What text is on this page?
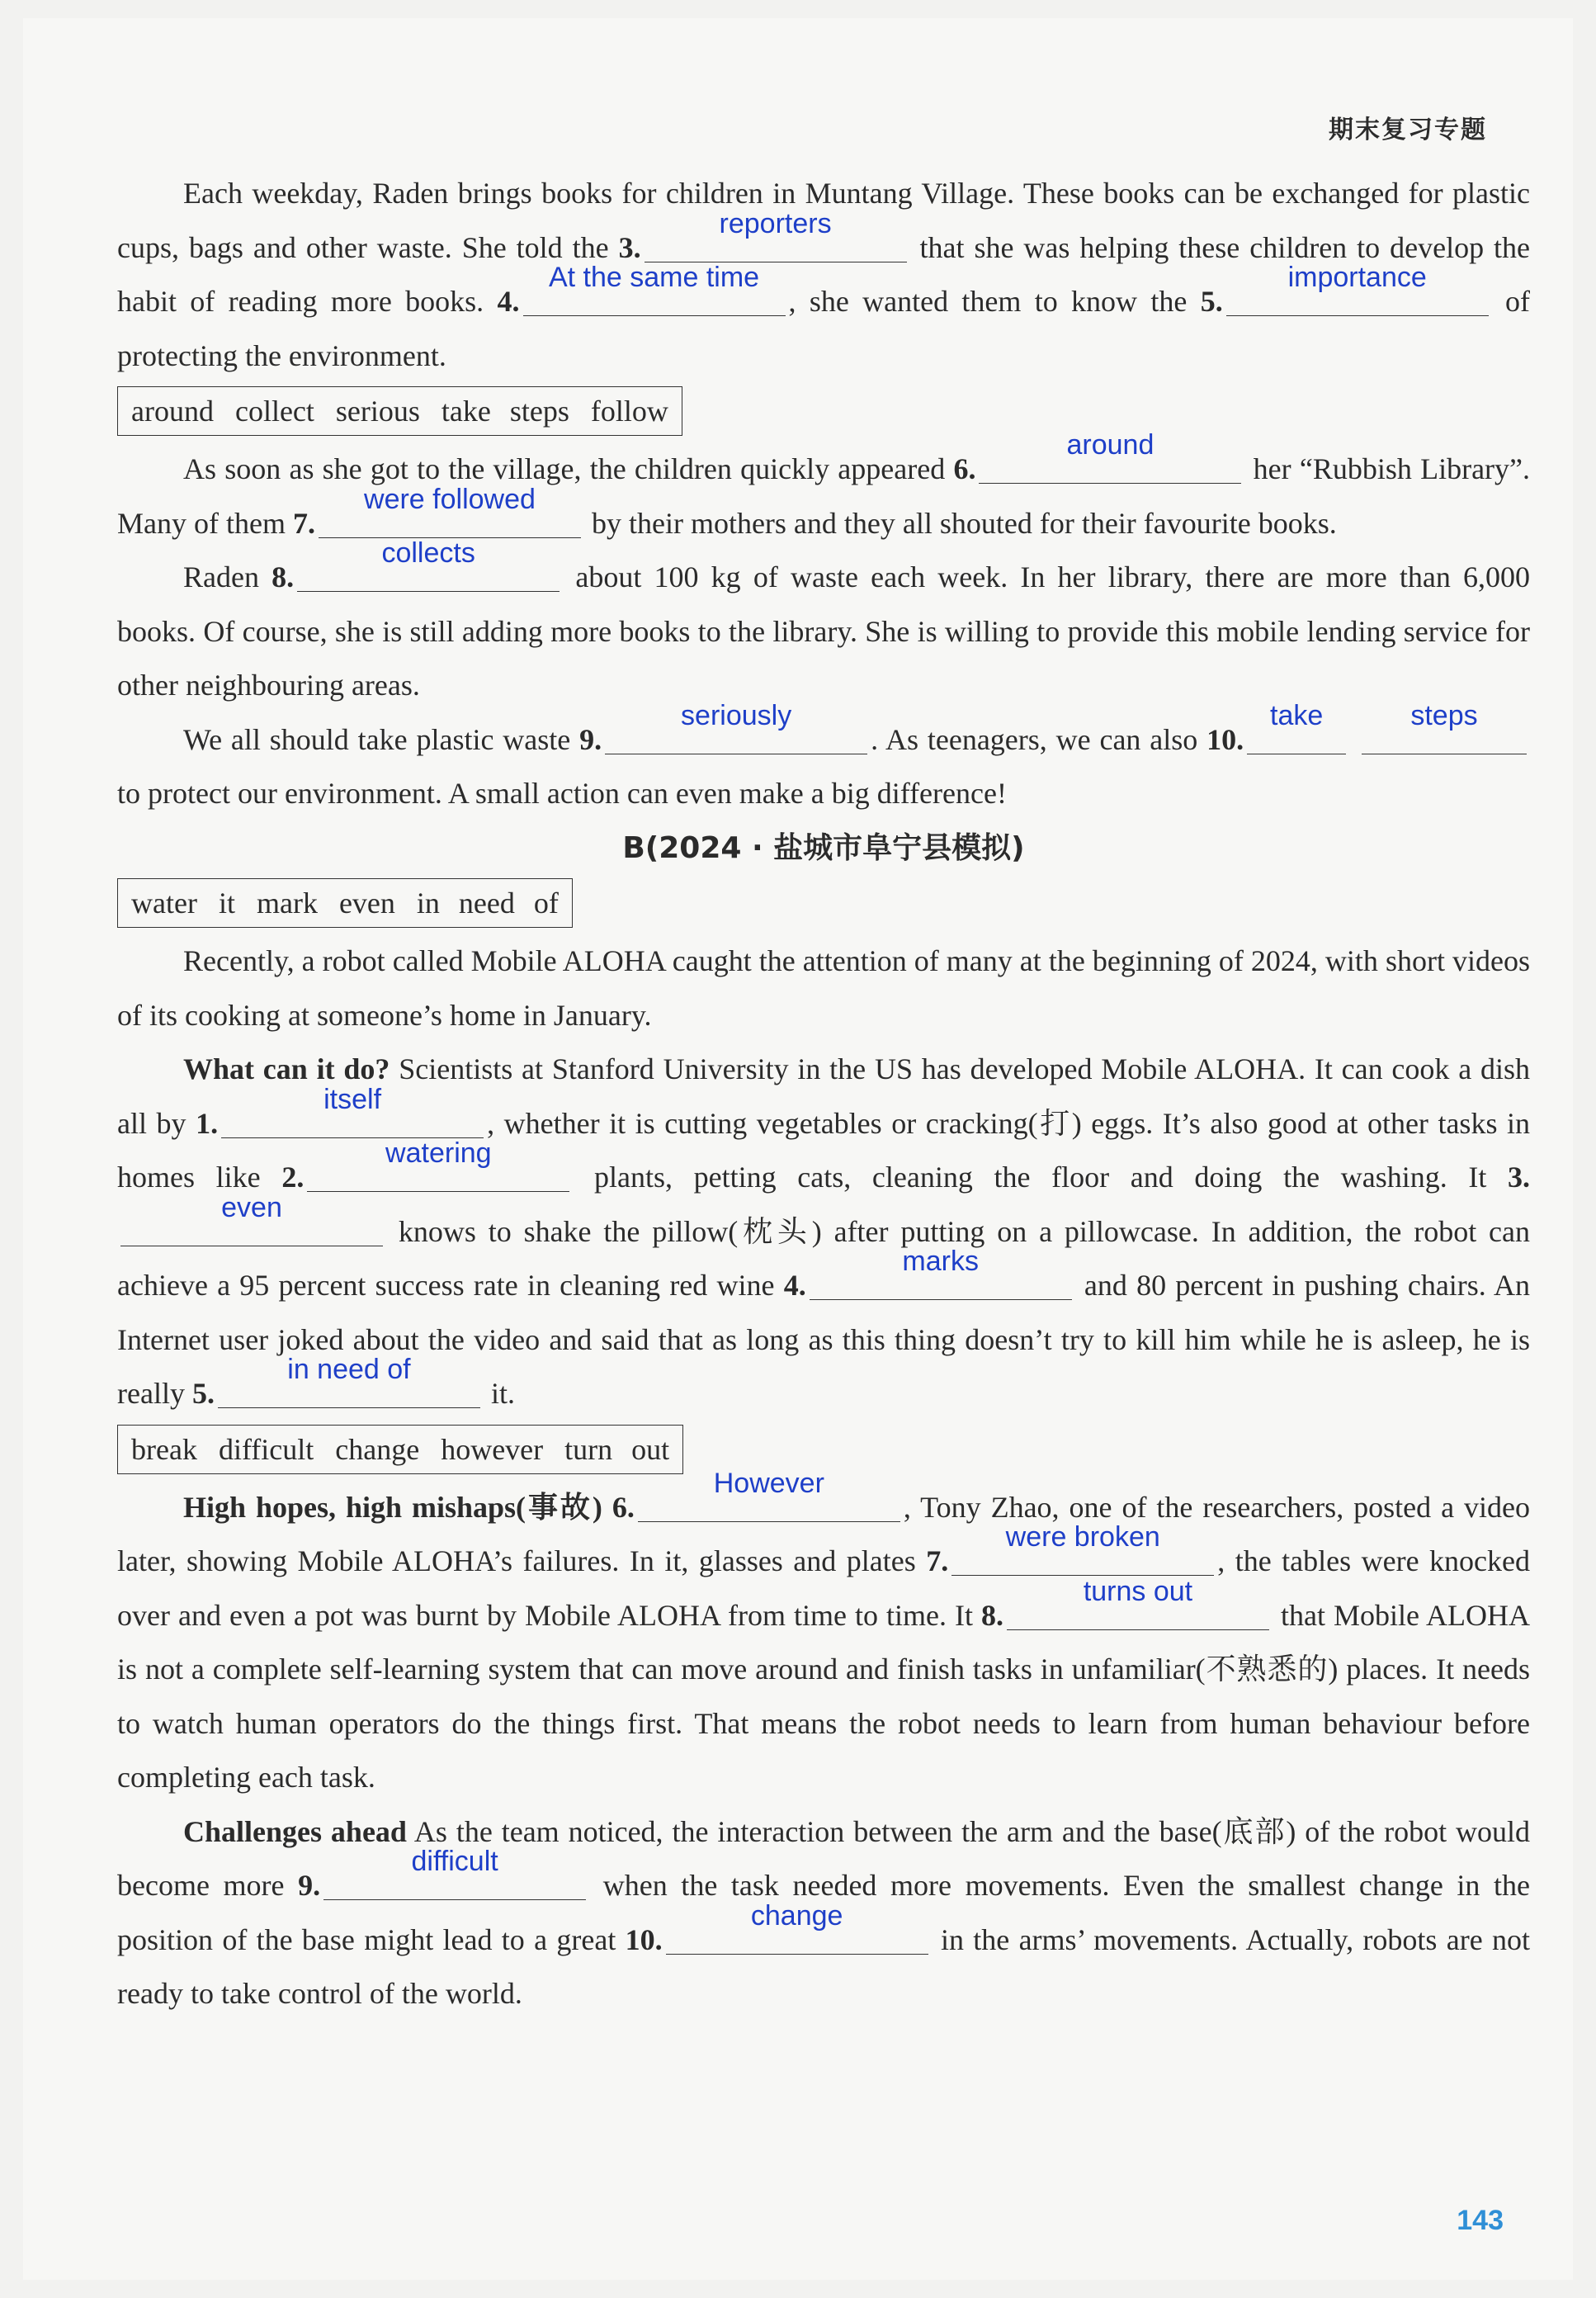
期末复习专题

Each weekday, Raden brings books for children in Muntang Village. These books can be exchanged for plastic cups, bags and other waste. She told the 3.
reporters
that she was helping these children to develop the habit of reading more books. 4.
At the same time
, she wanted them to know the 5.
importance
of protecting the environment.

around collect serious take steps follow

As soon as she got to the village, the children quickly appeared 6.
around
her “Rubbish Library”. Many of them 7.
were followed
by their mothers and they all shouted for their favourite books.

Raden 8.
collects
about 100 kg of waste each week. In her library, there are more than 6,000 books. Of course, she is still adding more books to the library. She is willing to provide this mobile lending service for other neighbouring areas.

We all should take plastic waste 9.
seriously
. As teenagers, we can also 10.
take
	steps
to protect our environment. A small action can even make a big difference!

B(2024 · 盐城市阜宁县模拟)

water it mark even in need of

Recently, a robot called Mobile ALOHA caught the attention of many at the beginning of 2024, with short videos of its cooking at someone’s home in January.

What can it do? Scientists at Stanford University in the US has developed Mobile ALOHA. It can cook a dish all by 1.
itself
, whether it is cutting vegetables or cracking(打) eggs. It’s also good at other tasks in homes like 2.
watering
plants, petting cats, cleaning the floor and doing the washing. It 3.
even
knows to shake the pillow(枕头) after putting on a pillowcase. In addition, the robot can achieve a 95 percent success rate in cleaning red wine 4.
marks
and 80 percent in pushing chairs. An Internet user joked about the video and said that as long as this thing doesn’t try to kill him while he is asleep, he is really 5.
in need of
it.

break difficult change however turn out

High hopes, high mishaps(事故) 6.
However
, Tony Zhao, one of the researchers, posted a video later, showing Mobile ALOHA’s failures. In it, glasses and plates 7.
were broken
, the tables were knocked over and even a pot was burnt by Mobile ALOHA from time to time. It 8.
turns out
that Mobile ALOHA is not a complete self-learning system that can move around and finish tasks in unfamiliar(不熟悉的) places. It needs to watch human operators do the things first. That means the robot needs to learn from human behaviour before completing each task.

Challenges ahead As the team noticed, the interaction between the arm and the base(底部) of the robot would become more 9.
difficult
when the task needed more movements. Even the smallest change in the position of the base might lead to a great 10.
change
in the arms’ movements. Actually, robots are not ready to take control of the world.

143
